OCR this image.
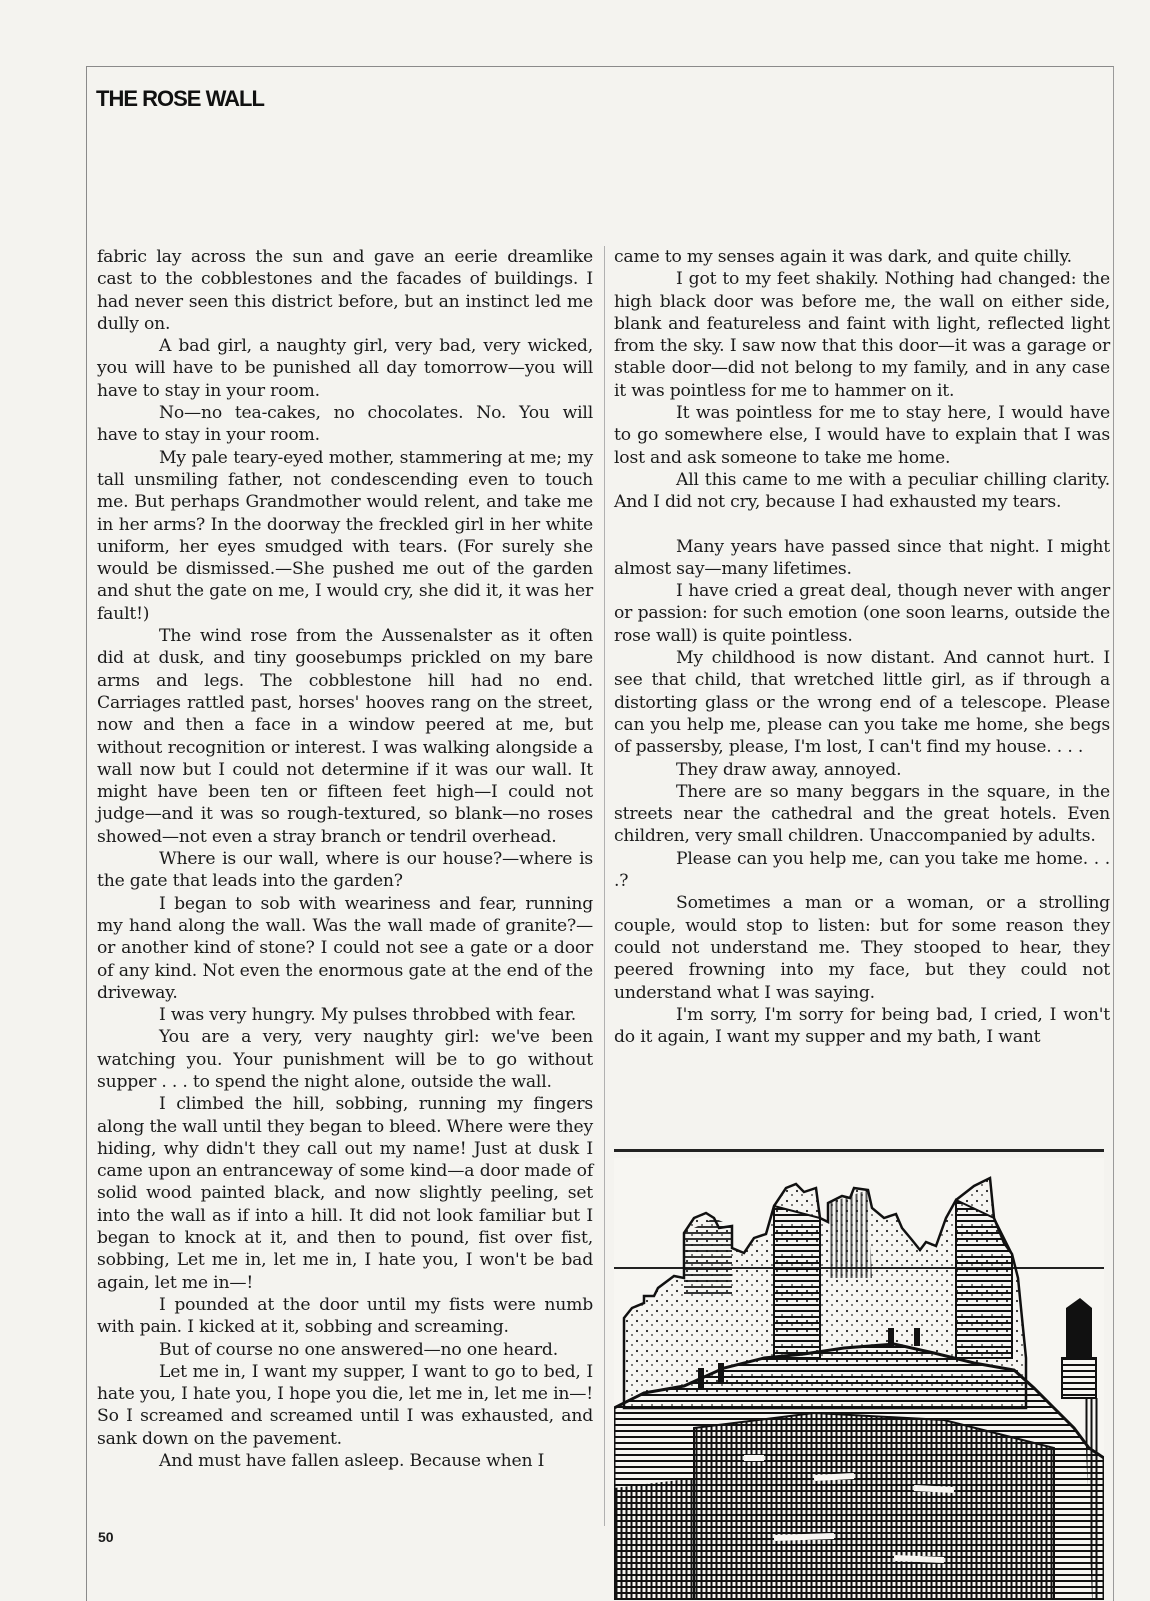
THE ROSE WALL

fabric lay across the sun and gave an eerie dreamlike cast to the cobblestones and the facades of buildings. I had never seen this district before, but an instinct led me dully on.

A bad girl, a naughty girl, very bad, very wicked, you will have to be punished all day tomorrow—you will have to stay in your room.

No—no tea-cakes, no chocolates. No. You will have to stay in your room.

My pale teary-eyed mother, stammering at me; my tall unsmiling father, not condescending even to touch me. But perhaps Grandmother would relent, and take me in her arms? In the doorway the freckled girl in her white uniform, her eyes smudged with tears. (For surely she would be dismissed.—She pushed me out of the garden and shut the gate on me, I would cry, she did it, it was her fault!)

The wind rose from the Aussenalster as it often did at dusk, and tiny goosebumps prickled on my bare arms and legs. The cobblestone hill had no end. Carriages rattled past, horses' hooves rang on the street, now and then a face in a window peered at me, but without recognition or interest. I was walking alongside a wall now but I could not determine if it was our wall. It might have been ten or fifteen feet high—I could not judge—and it was so rough-textured, so blank—no roses showed—not even a stray branch or tendril overhead.

Where is our wall, where is our house?—where is the gate that leads into the garden?

I began to sob with weariness and fear, running my hand along the wall. Was the wall made of granite?—or another kind of stone? I could not see a gate or a door of any kind. Not even the enormous gate at the end of the driveway.

I was very hungry. My pulses throbbed with fear.

You are a very, very naughty girl: we've been watching you. Your punishment will be to go without supper . . . to spend the night alone, outside the wall.

I climbed the hill, sobbing, running my fingers along the wall until they began to bleed. Where were they hiding, why didn't they call out my name! Just at dusk I came upon an entranceway of some kind—a door made of solid wood painted black, and now slightly peeling, set into the wall as if into a hill. It did not look familiar but I began to knock at it, and then to pound, fist over fist, sobbing, Let me in, let me in, I hate you, I won't be bad again, let me in—!

I pounded at the door until my fists were numb with pain. I kicked at it, sobbing and screaming.

But of course no one answered—no one heard.

Let me in, I want my supper, I want to go to bed, I hate you, I hate you, I hope you die, let me in, let me in—! So I screamed and screamed until I was exhausted, and sank down on the pavement.

And must have fallen asleep. Because when I

came to my senses again it was dark, and quite chilly.

I got to my feet shakily. Nothing had changed: the high black door was before me, the wall on either side, blank and featureless and faint with light, reflected light from the sky. I saw now that this door—it was a garage or stable door—did not belong to my family, and in any case it was pointless for me to hammer on it.

It was pointless for me to stay here, I would have to go somewhere else, I would have to explain that I was lost and ask someone to take me home.

All this came to me with a peculiar chilling clarity. And I did not cry, because I had exhausted my tears.

Many years have passed since that night. I might almost say—many lifetimes.

I have cried a great deal, though never with anger or passion: for such emotion (one soon learns, outside the rose wall) is quite pointless.

My childhood is now distant. And cannot hurt. I see that child, that wretched little girl, as if through a distorting glass or the wrong end of a telescope. Please can you help me, please can you take me home, she begs of passersby, please, I'm lost, I can't find my house. . . .

They draw away, annoyed.

There are so many beggars in the square, in the streets near the cathedral and the great hotels. Even children, very small children. Unaccompanied by adults.

Please can you help me, can you take me home. . . .?

Sometimes a man or a woman, or a strolling couple, would stop to listen: but for some reason they could not understand me. They stooped to hear, they peered frowning into my face, but they could not understand what I was saying.

I'm sorry, I'm sorry for being bad, I cried, I won't do it again, I want my supper and my bath, I want

50
